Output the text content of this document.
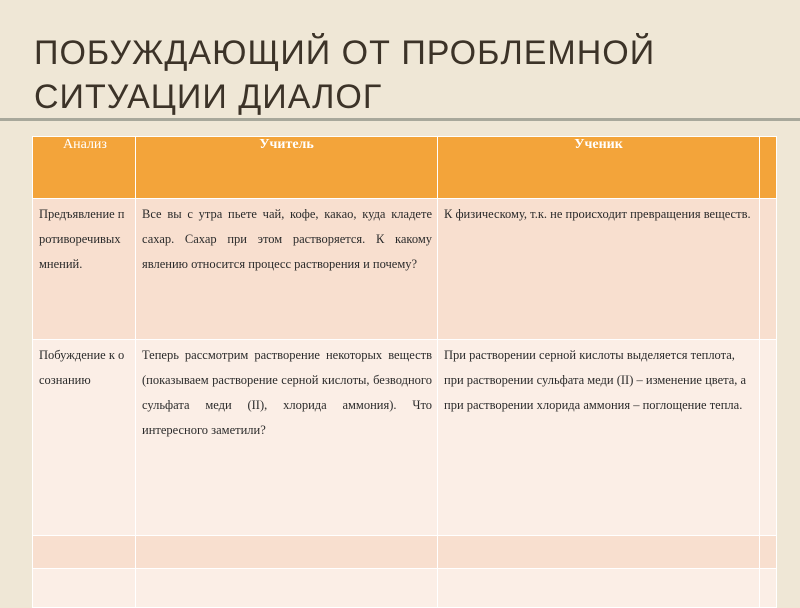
ПОБУЖДАЮЩИЙ ОТ ПРОБЛЕМНОЙ СИТУАЦИИ ДИАЛОГ
Анализ	Учитель	Ученик	

Предъявление противоречивых мнений.	Все вы с утра пьете чай, кофе, какао, куда кладете сахар. Сахар при этом растворяется. К какому явлению относится процесс растворения и почему?	К физическому, т.к. не происходит превращения веществ.	

Побуждение к осознанию	Теперь рассмотрим растворение некоторых веществ (показываем растворение серной кислоты, безводного сульфата меди (II), хлорида аммония). Что интересного заметили?	При растворении серной кислоты выделяется теплота, при растворении сульфата меди (II) – изменение цвета, а при растворении хлорида аммония – поглощение тепла.	
